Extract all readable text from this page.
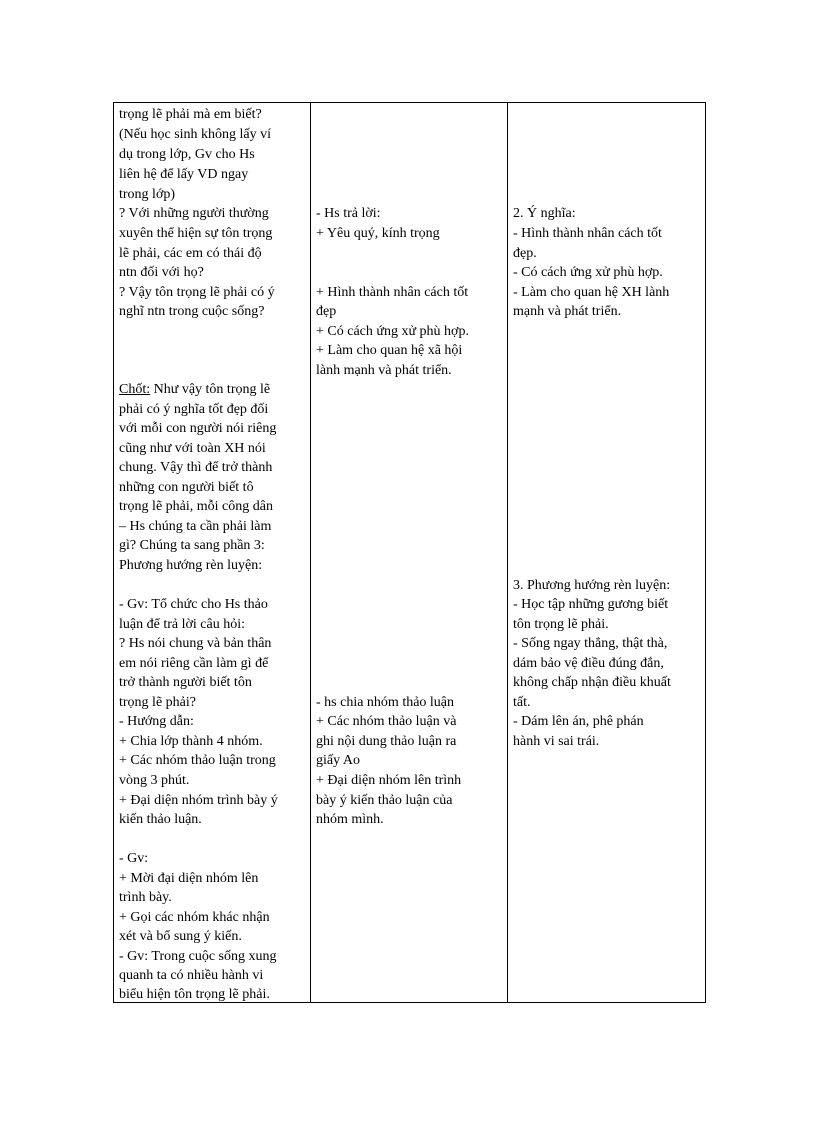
trọng lẽ phải mà em biết?
(Nếu học sinh không lấy ví
dụ trong lớp, Gv cho Hs
liên hệ để lấy VD ngay
trong lớp)
? Với những người thường
xuyên thể hiện sự tôn trọng
lẽ phải, các em có thái độ
ntn đối với họ?
? Vậy tôn trọng lẽ phải có ý
nghĩ ntn trong cuộc sống?
Chốt: Như vậy tôn trọng lẽ
phải có ý nghĩa tốt đẹp đối
với mỗi con người nói riêng
cũng như với toàn XH nói
chung. Vậy thì để trở thành
những con người biết tô
trọng lẽ phải, mỗi công dân
– Hs chúng ta cần phải làm
gì? Chúng ta sang phần 3:
Phương hướng rèn luyện:
- Gv: Tổ chức cho Hs thảo
luận để trả lời câu hỏi:
? Hs nói chung và bản thân
em nói riêng cần làm gì để
trở thành người biết tôn
trọng lẽ phải?
- Hướng dẫn:
+ Chia lớp thành 4 nhóm.
+ Các nhóm thảo luận trong
vòng 3 phút.
+ Đại diện nhóm trình bày ý
kiến thảo luận.
- Gv:
+ Mời đại diện nhóm lên
trình bày.
+ Gọi các nhóm khác nhận
xét và bổ sung ý kiến.
- Gv: Trong cuộc sống xung
quanh ta có nhiều hành vi
biểu hiện tôn trọng lẽ phải.

- Hs trả lời:
+ Yêu quý, kính trọng
+ Hình thành nhân cách tốt
đẹp
+ Có cách ứng xử phù hợp.
+ Làm cho quan hệ xã hội
lành mạnh và phát triển.
- hs chia nhóm thảo luận
+ Các nhóm thảo luận và
ghi nội dung thảo luận ra
giấy Ao
+ Đại diện nhóm lên trình
bày ý kiến thảo luận của
nhóm mình.

2. Ý nghĩa:
- Hình thành nhân cách tốt
đẹp.
- Có cách ứng xử phù hợp.
- Làm cho quan hệ XH lành
mạnh và phát triển.
3. Phương hướng rèn luyện:
- Học tập những gương biết
tôn trọng lẽ phải.
- Sống ngay thẳng, thật thà,
dám bảo vệ điều đúng đắn,
không chấp nhận điều khuất
tất.
- Dám lên án, phê phán
hành vi sai trái.
